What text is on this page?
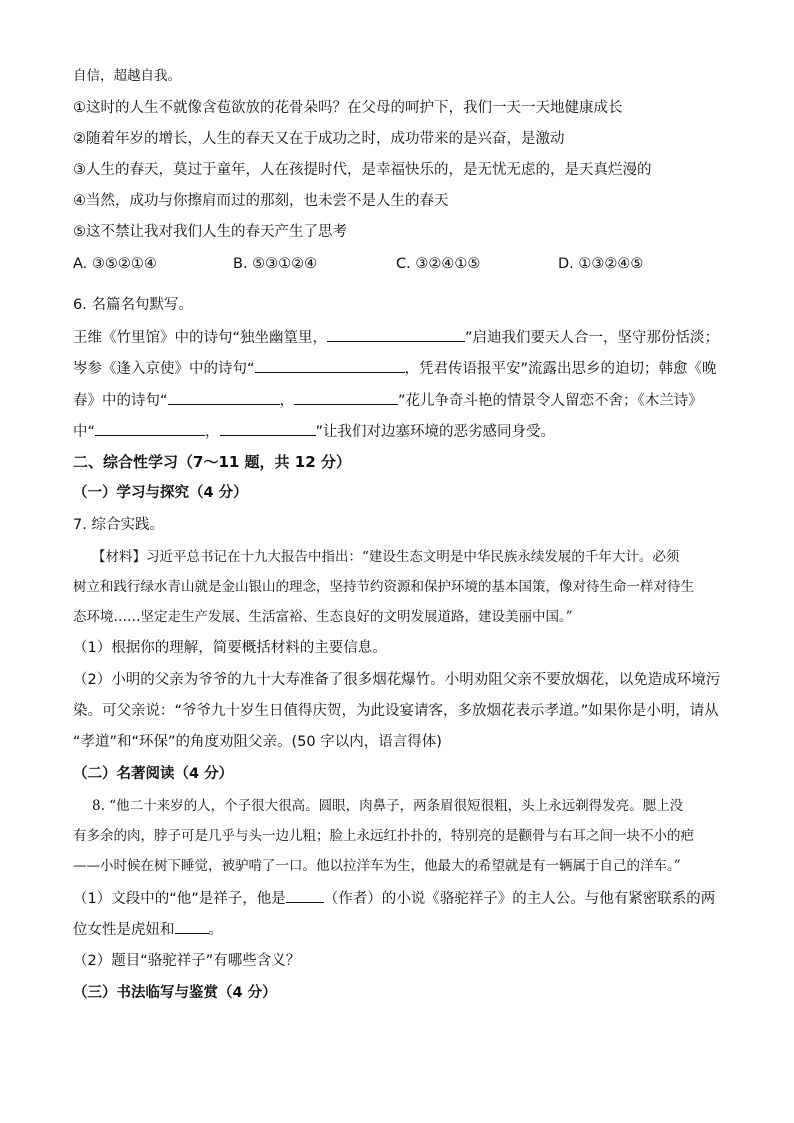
自信，超越自我。
①这时的人生不就像含苞欲放的花骨朵吗？在父母的呵护下，我们一天一天地健康成长
②随着年岁的增长，人生的春天又在于成功之时，成功带来的是兴奋，是激动
③人生的春天，莫过于童年，人在孩提时代，是幸福快乐的，是无忧无虑的，是天真烂漫的
④当然，成功与你擦肩而过的那刻，也未尝不是人生的春天
⑤这不禁让我对我们人生的春天产生了思考
A. ③⑤②①④	B. ⑤③①②④	C. ③②④①⑤	D. ①③②④⑤
6. 名篇名句默写。
王维《竹里馆》中的诗句“独坐幽篁里，	”启迪我们要天人合一，坚守那份恬淡；
岑参《逢入京使》中的诗句“	，凭君传语报平安”流露出思乡的迫切；韩愈《晚
春》中的诗句“	，	”花儿争奇斗艳的情景令人留恋不舍；《木兰诗》
中“	，	”让我们对边塞环境的恶劣感同身受。
二、综合性学习（7～11 题，共 12 分）
（一）学习与探究（4 分）
7. 综合实践。
【材料】习近平总书记在十九大报告中指出：“建设生态文明是中华民族永续发展的千年大计。必须
树立和践行绿水青山就是金山银山的理念，坚持节约资源和保护环境的基本国策，像对待生命一样对待生
态环境……坚定走生产发展、生活富裕、生态良好的文明发展道路，建设美丽中国。”
（1）根据你的理解，简要概括材料的主要信息。
（2）小明的父亲为爷爷的九十大寿准备了很多烟花爆竹。小明劝阻父亲不要放烟花，以免造成环境污
染。可父亲说：“爷爷九十岁生日值得庆贺，为此设宴请客，多放烟花表示孝道。”如果你是小明，请从
“孝道”和“环保”的角度劝阻父亲。(50 字以内，语言得体)
（二）名著阅读（4 分）
8. “他二十来岁的人，个子很大很高。圆眼，肉鼻子，两条眉很短很粗，头上永远剃得发亮。腮上没
有多余的肉，脖子可是几乎与头一边儿粗；脸上永远红扑扑的，特别亮的是颧骨与右耳之间一块不小的疤
——小时候在树下睡觉，被驴啃了一口。他以拉洋车为生，他最大的希望就是有一辆属于自己的洋车。”
（1）文段中的“他”是祥子，他是	（作者）的小说《骆驼祥子》的主人公。与他有紧密联系的两
位女性是虎妞和 。
（2）题目“骆驼祥子”有哪些含义？
（三）书法临写与鉴赏（4 分）
